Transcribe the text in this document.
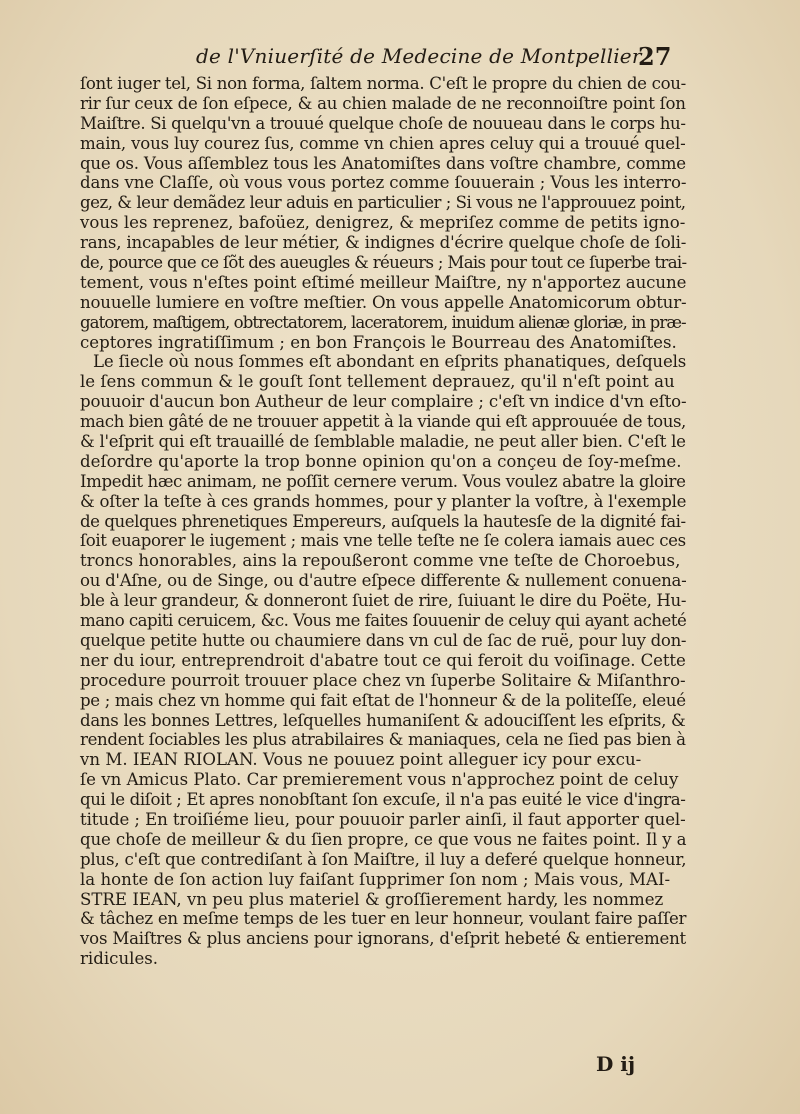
de l'Vniuerſité de Medecine de Montpellier.
27
ſont iuger tel, Si non forma, ſaltem norma. C'eſt le propre du chien de cou-
rir ſur ceux de ſon eſpece, & au chien malade de ne reconnoiſtre point ſon
Maiſtre. Si quelqu'vn a trouué quelque choſe de nouueau dans le corps hu-
main, vous luy courez ſus, comme vn chien apres celuy qui a trouué quel-
que os. Vous aſſemblez tous les Anatomiſtes dans voſtre chambre, comme
dans vne Claſſe, où vous vous portez comme ſouuerain ; Vous les interro-
gez, & leur demãdez leur aduis en particulier ; Si vous ne l'approuuez point,
vous les reprenez, bafoüez, denigrez, & mepriſez comme de petits igno-
rans, incapables de leur métier, & indignes d'écrire quelque choſe de ſoli-
de, pource que ce ſõt des aueugles & réueurs ; Mais pour tout ce ſuperbe trai-
tement, vous n'eſtes point eſtimé meilleur Maiſtre, ny n'apportez aucune
nouuelle lumiere en voſtre meſtier. On vous appelle Anatomicorum obtur-
gatorem, maſtigem, obtrectatorem, laceratorem, inuidum alienæ gloriæ, in præ-
ceptores ingratiſſimum ; en bon François le Bourreau des Anatomiſtes.
Le ſiecle où nous ſommes eſt abondant en eſprits phanatiques, deſquels
le ſens commun & le gouſt ſont tellement deprauez, qu'il n'eſt point au
pouuoir d'aucun bon Autheur de leur complaire ; c'eſt vn indice d'vn eſto-
mach bien gâté de ne trouuer appetit à la viande qui eſt approuuée de tous,
& l'eſprit qui eſt trauaillé de ſemblable maladie, ne peut aller bien. C'eſt le
deſordre qu'aporte la trop bonne opinion qu'on a conçeu de ſoy-meſme.
Impedit hæc animam, ne poſſit cernere verum. Vous voulez abatre la gloire
& oſter la teſte à ces grands hommes, pour y planter la voſtre, à l'exemple
de quelques phrenetiques Empereurs, auſquels la hautesſe de la dignité fai-
ſoit euaporer le iugement ; mais vne telle teſte ne ſe colera iamais auec ces
troncs honorables, ains la repoußeront comme vne teſte de Choroebus,
ou d'Aſne, ou de Singe, ou d'autre eſpece differente & nullement conuena-
ble à leur grandeur, & donneront ſuiet de rire, ſuiuant le dire du Poëte, Hu-
mano capiti ceruicem, &c. Vous me faites ſouuenir de celuy qui ayant acheté
quelque petite hutte ou chaumiere dans vn cul de ſac de ruë, pour luy don-
ner du iour, entreprendroit d'abatre tout ce qui feroit du voiſinage. Cette
procedure pourroit trouuer place chez vn ſuperbe Solitaire & Miſanthro-
pe ; mais chez vn homme qui fait eſtat de l'honneur & de la politeſſe, eleué
dans les bonnes Lettres, leſquelles humaniſent & adouciſſent les eſprits, &
rendent ſociables les plus atrabilaires & maniaques, cela ne ſied pas bien à
vn M. IEAN RIOLAN. Vous ne pouuez point alleguer icy pour excu-
ſe vn Amicus Plato. Car premierement vous n'approchez point de celuy
qui le diſoit ; Et apres nonobſtant ſon excuſe, il n'a pas euité le vice d'ingra-
titude ; En troiſiéme lieu, pour pouuoir parler ainſi, il faut apporter quel-
que choſe de meilleur & du ſien propre, ce que vous ne faites point. Il y a
plus, c'eſt que contrediſant à ſon Maiſtre, il luy a deferé quelque honneur,
la honte de ſon action luy faiſant ſupprimer ſon nom ; Mais vous, MAI-
STRE IEAN, vn peu plus materiel & groſſierement hardy, les nommez
& tâchez en meſme temps de les tuer en leur honneur, voulant faire paſſer
vos Maiſtres & plus anciens pour ignorans, d'eſprit hebeté & entierement
ridicules.
D ij
